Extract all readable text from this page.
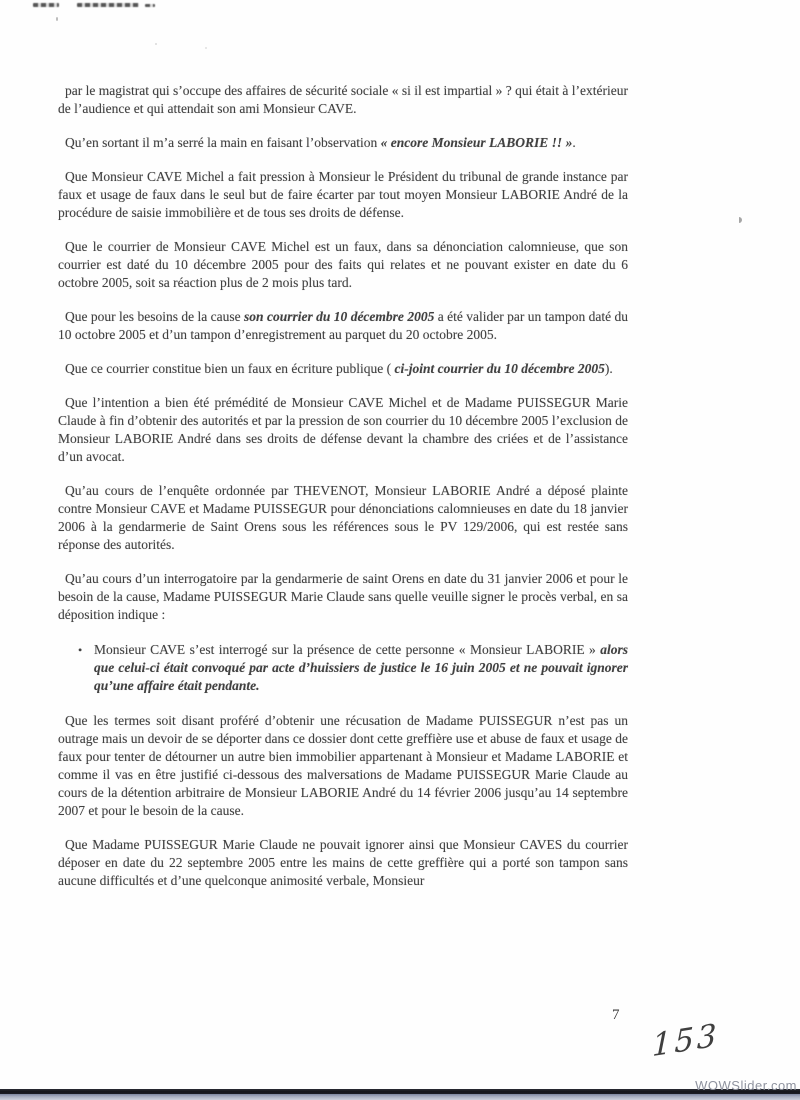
par le magistrat qui s’occupe des affaires de sécurité sociale « si il est impartial » ? qui était à l’extérieur de l’audience et qui attendait son ami Monsieur CAVE.
Qu’en sortant il m’a serré la main en faisant l’observation « encore Monsieur LABORIE !! ».
Que Monsieur CAVE Michel a fait pression à Monsieur le Président du tribunal de grande instance par faux et usage de faux dans le seul but de faire écarter par tout moyen Monsieur LABORIE André de la procédure de saisie immobilière et de tous ses droits de défense.
Que le courrier de Monsieur CAVE Michel est un faux, dans sa dénonciation calomnieuse, que son courrier est daté du 10 décembre 2005 pour des faits qui relates et ne pouvant exister en date du 6 octobre 2005, soit sa réaction plus de 2 mois plus tard.
Que pour les besoins de la cause son courrier du 10 décembre 2005 a été valider par un tampon daté du 10 octobre 2005 et d’un tampon d’enregistrement au parquet du 20 octobre 2005.
Que ce courrier constitue bien un faux en écriture publique ( ci-joint courrier du 10 décembre 2005).
Que l’intention a bien été prémédité de Monsieur CAVE Michel et de Madame PUISSEGUR Marie Claude à fin d’obtenir des autorités et par la pression de son courrier du 10 décembre 2005 l’exclusion de Monsieur LABORIE André dans ses droits de défense devant la chambre des criées et de l’assistance d’un avocat.
Qu’au cours de l’enquête ordonnée par THEVENOT, Monsieur LABORIE André a déposé plainte contre Monsieur CAVE et Madame PUISSEGUR pour dénonciations calomnieuses en date du 18 janvier 2006 à la gendarmerie de Saint Orens sous les références sous le PV 129/2006, qui est restée sans réponse des autorités.
Qu’au cours d’un interrogatoire par la gendarmerie de saint Orens en date du 31 janvier 2006 et pour le besoin de la cause, Madame PUISSEGUR Marie Claude sans quelle veuille signer le procès verbal, en sa déposition indique :
• Monsieur CAVE s’est interrogé sur la présence de cette personne « Monsieur LABORIE » alors que celui-ci était convoqué par acte d’huissiers de justice le 16 juin 2005 et ne pouvait ignorer qu’une affaire était pendante.
Que les termes soit disant proféré d’obtenir une récusation de Madame PUISSEGUR n’est pas un outrage mais un devoir de se déporter dans ce dossier dont cette greffière use et abuse de faux et usage de faux pour tenter de détourner un autre bien immobilier appartenant à Monsieur et Madame LABORIE et comme il vas en être justifié ci-dessous des malversations de Madame PUISSEGUR Marie Claude au cours de la détention arbitraire de Monsieur LABORIE André du 14 février 2006 jusqu’au 14 septembre 2007 et pour le besoin de la cause.
Que Madame PUISSEGUR Marie Claude ne pouvait ignorer ainsi que Monsieur CAVES du courrier déposer en date du 22 septembre 2005 entre les mains de cette greffière qui a porté son tampon sans aucune difficultés et d’une quelconque animosité verbale, Monsieur
7
153
WOWSlider.com
